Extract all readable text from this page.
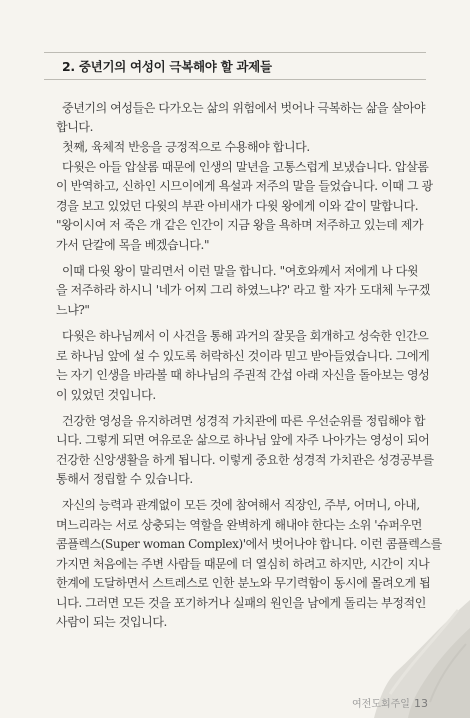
2. 중년기의 여성이 극복해야 할 과제들
중년기의 여성들은 다가오는 삶의 위험에서 벗어나 극복하는 삶을 살아야
합니다.
첫째, 육체적 반응을 긍정적으로 수용해야 합니다.
다윗은 아들 압살롬 때문에 인생의 말년을 고통스럽게 보냈습니다. 압살롬
이 반역하고, 신하인 시므이에게 욕설과 저주의 말을 들었습니다. 이때 그 광
경을 보고 있었던 다윗의 부관 아비새가 다윗 왕에게 이와 같이 말합니다.
"왕이시여 저 죽은 개 같은 인간이 지금 왕을 욕하며 저주하고 있는데 제가
가서 단칼에 목을 베겠습니다."
이때 다윗 왕이 말리면서 이런 말을 합니다. "여호와께서 저에게 나 다윗
을 저주하라 하시니 '네가 어찌 그리 하였느냐?' 라고 할 자가 도대체 누구겠
느냐?"
다윗은 하나님께서 이 사건을 통해 과거의 잘못을 회개하고 성숙한 인간으
로 하나님 앞에 설 수 있도록 허락하신 것이라 믿고 받아들였습니다. 그에게
는 자기 인생을 바라볼 때 하나님의 주권적 간섭 아래 자신을 돌아보는 영성
이 있었던 것입니다.
건강한 영성을 유지하려면 성경적 가치관에 따른 우선순위를 정립해야 합
니다. 그렇게 되면 여유로운 삶으로 하나님 앞에 자주 나아가는 영성이 되어
건강한 신앙생활을 하게 됩니다. 이렇게 중요한 성경적 가치관은 성경공부를
통해서 정립할 수 있습니다.
자신의 능력과 관계없이 모든 것에 참여해서 직장인, 주부, 어머니, 아내,
며느리라는 서로 상충되는 역할을 완벽하게 해내야 한다는 소위 '슈퍼우먼
콤플렉스(Super woman Complex)'에서 벗어나야 합니다. 이런 콤플렉스를
가지면 처음에는 주변 사람들 때문에 더 열심히 하려고 하지만, 시간이 지나
한계에 도달하면서 스트레스로 인한 분노와 무기력함이 동시에 몰려오게 됩
니다. 그러면 모든 것을 포기하거나 실패의 원인을 남에게 돌리는 부정적인
사람이 되는 것입니다.
여전도회주일 13
